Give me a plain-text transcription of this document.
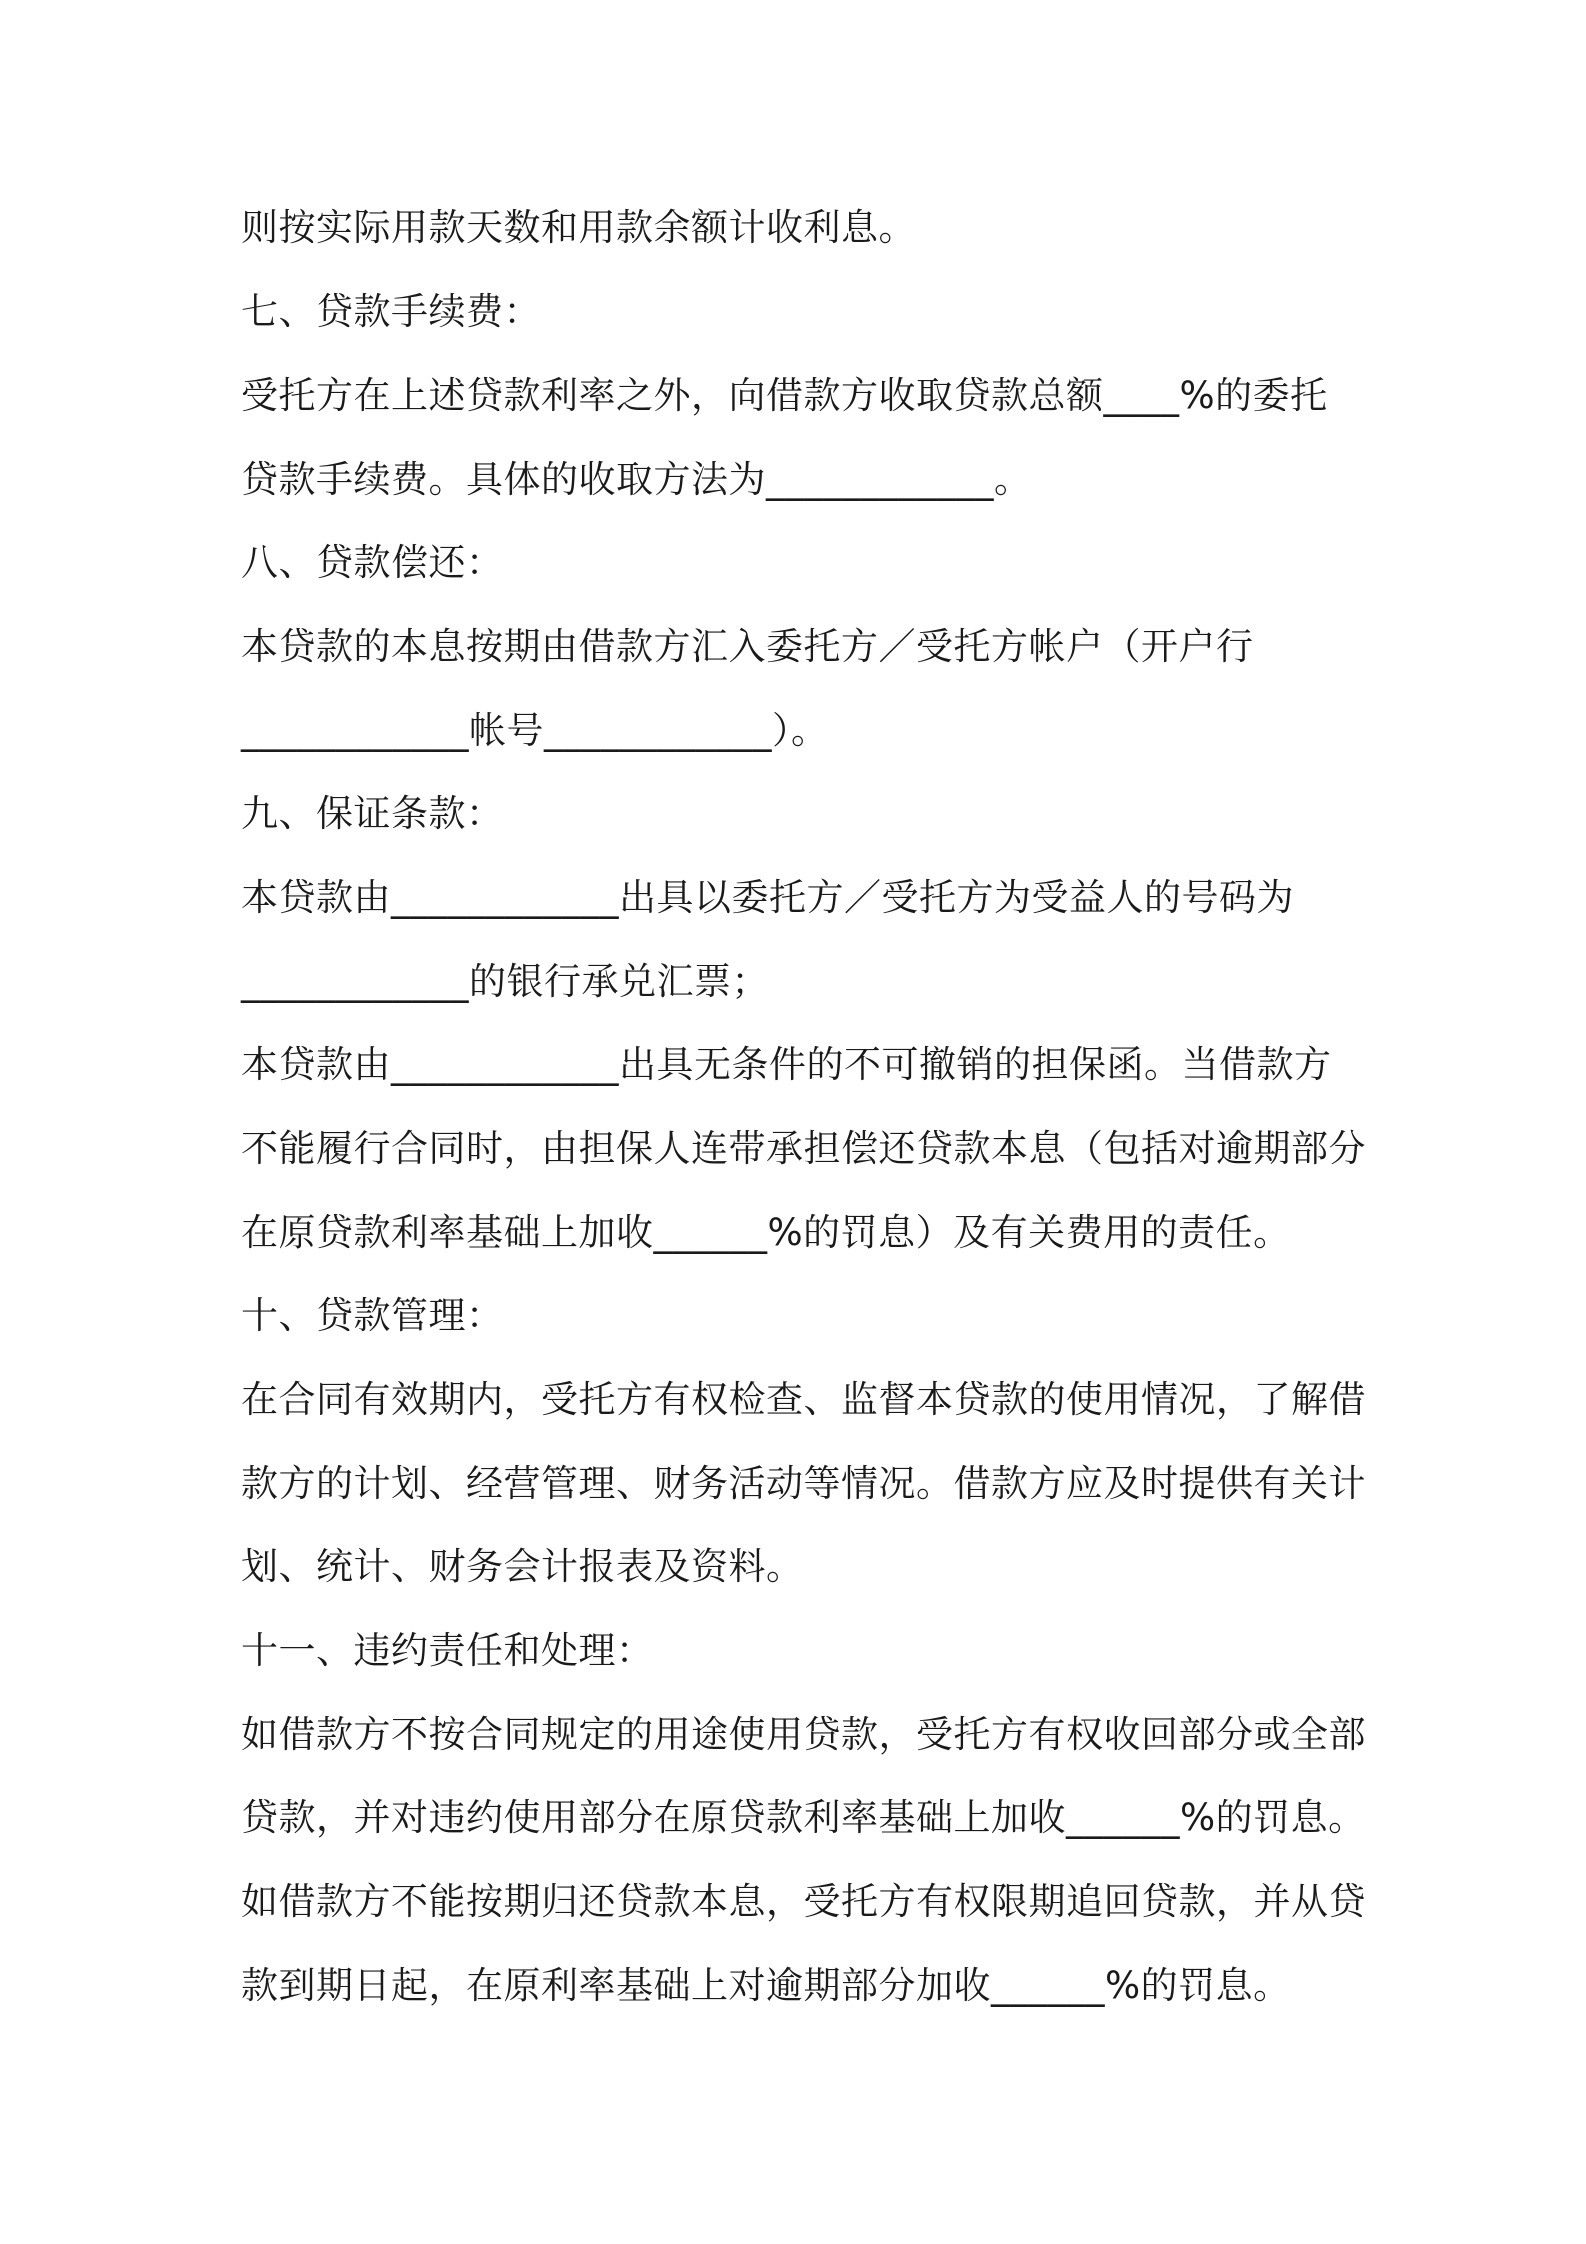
则按实际用款天数和用款余额计收利息。
七、贷款手续费：
受托方在上述贷款利率之外，向借款方收取贷款总额____%的委托
贷款手续费。具体的收取方法为____________。
八、贷款偿还：
本贷款的本息按期由借款方汇入委托方／受托方帐户（开户行
____________帐号____________）。
九、保证条款：
本贷款由____________出具以委托方／受托方为受益人的号码为
____________的银行承兑汇票；
本贷款由____________出具无条件的不可撤销的担保函。当借款方
不能履行合同时，由担保人连带承担偿还贷款本息（包括对逾期部分
在原贷款利率基础上加收______%的罚息）及有关费用的责任。
十、贷款管理：
在合同有效期内，受托方有权检查、监督本贷款的使用情况，了解借
款方的计划、经营管理、财务活动等情况。借款方应及时提供有关计
划、统计、财务会计报表及资料。
十一、违约责任和处理：
如借款方不按合同规定的用途使用贷款，受托方有权收回部分或全部
贷款，并对违约使用部分在原贷款利率基础上加收______%的罚息。
如借款方不能按期归还贷款本息，受托方有权限期追回贷款，并从贷
款到期日起，在原利率基础上对逾期部分加收______%的罚息。
